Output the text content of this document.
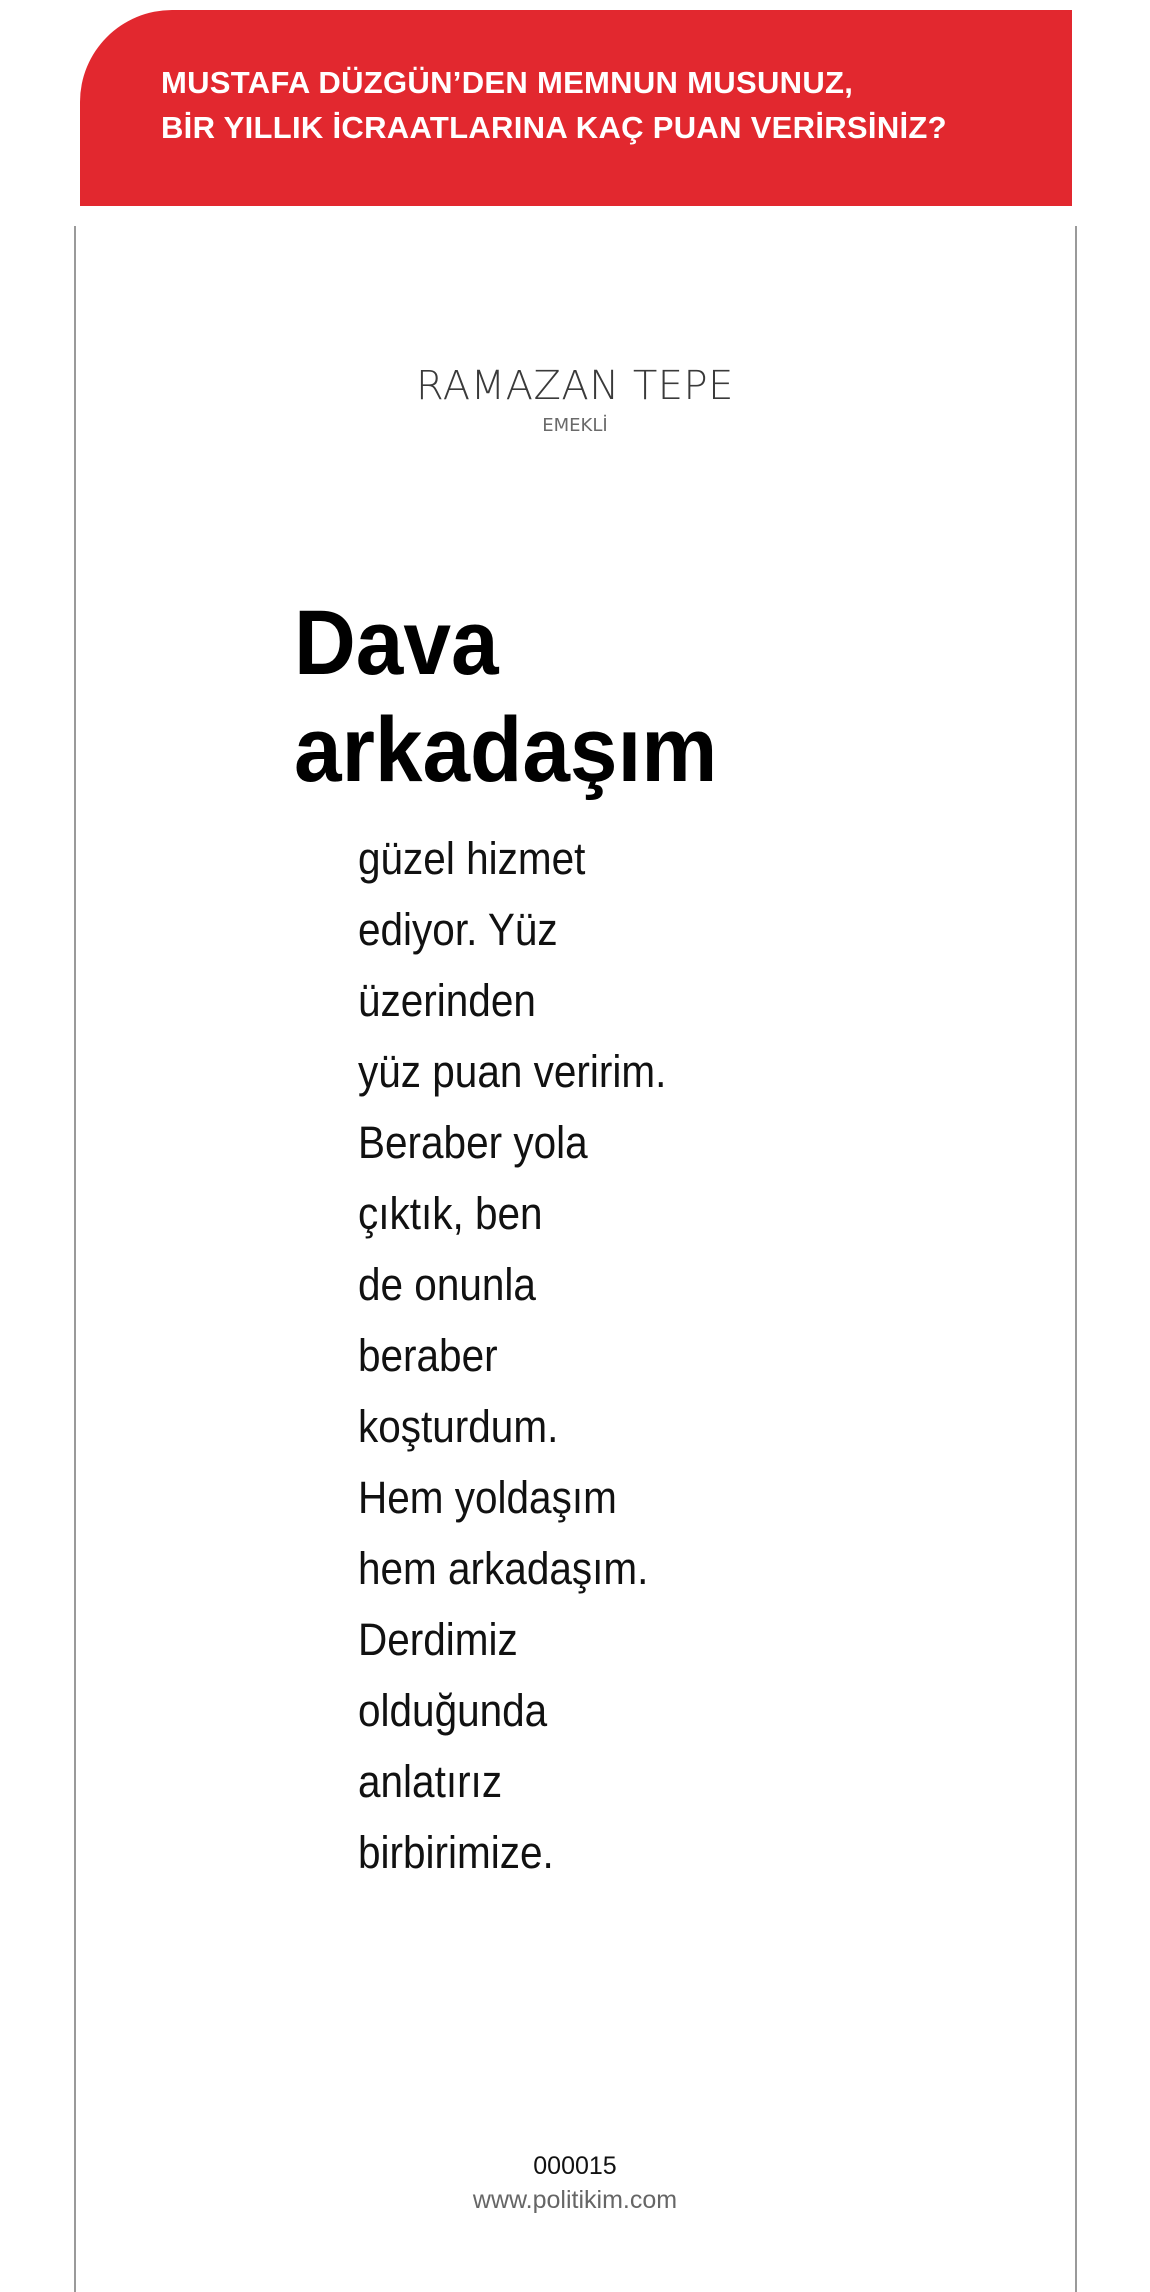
MUSTAFA DÜZGÜN’DEN MEMNUN MUSUNUZ,
BİR YILLIK İCRAATLARINA KAÇ PUAN VERİRSİNİZ?
RAMAZAN TEPE
EMEKLİ
Dava
arkadaşım
güzel hizmet
ediyor. Yüz
üzerinden
yüz puan veririm.
Beraber yola
çıktık, ben
de onunla
beraber
koşturdum.
Hem yoldaşım
hem arkadaşım.
Derdimiz
olduğunda
anlatırız
birbirimize.
000015
www.politikim.com
